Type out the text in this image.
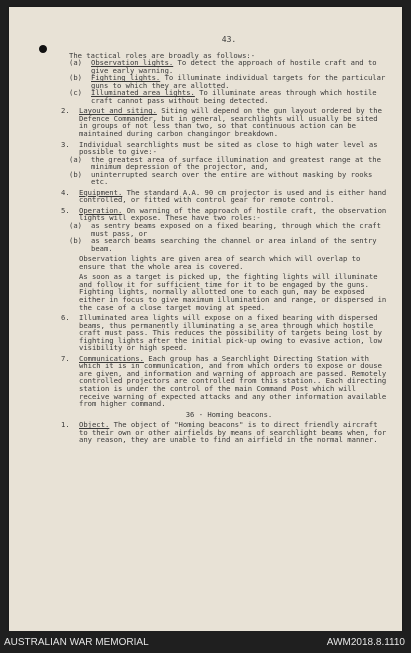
43.

The tactical roles are broadly as follows:-

(a) Observation lights. To detect the approach of hostile craft and to give early warning.
(b) Fighting lights. To illuminate individual targets for the particular guns to which they are allotted.
(c) Illuminated area lights. To illuminate areas through which hostile craft cannot pass without being detected.
2. Layout and siting. Siting will depend on the gun layout ordered by the Defence Commander, but in general, searchlights will usually be sited in groups of not less than two, so that continuous action can be maintained during carbon changingor breakdown.
3. Individual searchlights must be sited as close to high water level as possible to give:-
(a) the greatest area of surface illumination and greatest range at the minimum depression of the projector, and,
(b) uninterrupted search over the entire are without masking by rooks etc.
4. Equipment. The standard A.A. 90 cm projector is used and is either hand controlled, or fitted with control gear for remote control.
5. Operation. On warning of the approach of hostile craft, the observation lights will expose. These have two roles:-
(a) as sentry beams exposed on a fixed bearing, through which the craft must pass, or
(b) as search beams searching the channel or area inland of the sentry beam.
Observation lights are given area of search which will overlap to ensure that the whole area is covered.
As soon as a target is picked up, the fighting lights will illuminate and follow it for sufficient time for it to be engaged by the guns. Fighting lights, normally allotted one to each gun, may be exposed either in focus to give maximum illumination and range, or dispersed in the case of a close target moving at speed.
6. Illuminated area lights will expose on a fixed bearing with dispersed beams, thus permanently illuminating a se area through which hostile craft must pass. This reduces the possibility of targets being lost by fighting lights after the initial pick-up owing to evasive action, low visibility or high speed.
7. Communications. Each group has a Searchlight Directing Station with which it is in communication, and from which orders to expose or douse are given, and information and warning of approach are passed. Remotely controlled projectors are controlled from this station.. Each directing station is under the control of the main Command Post which will receive warning of expected attacks and any other information available from higher command.

36 - Homing beacons.

1. Object. The object of "Homing beacons" is to direct friendly aircraft to their own or other airfields by means of searchlight beams when, for any reason, they are unable to find an airfield in the normal manner.
AUSTRALIAN WAR MEMORIAL	AWM2018.8.1110
